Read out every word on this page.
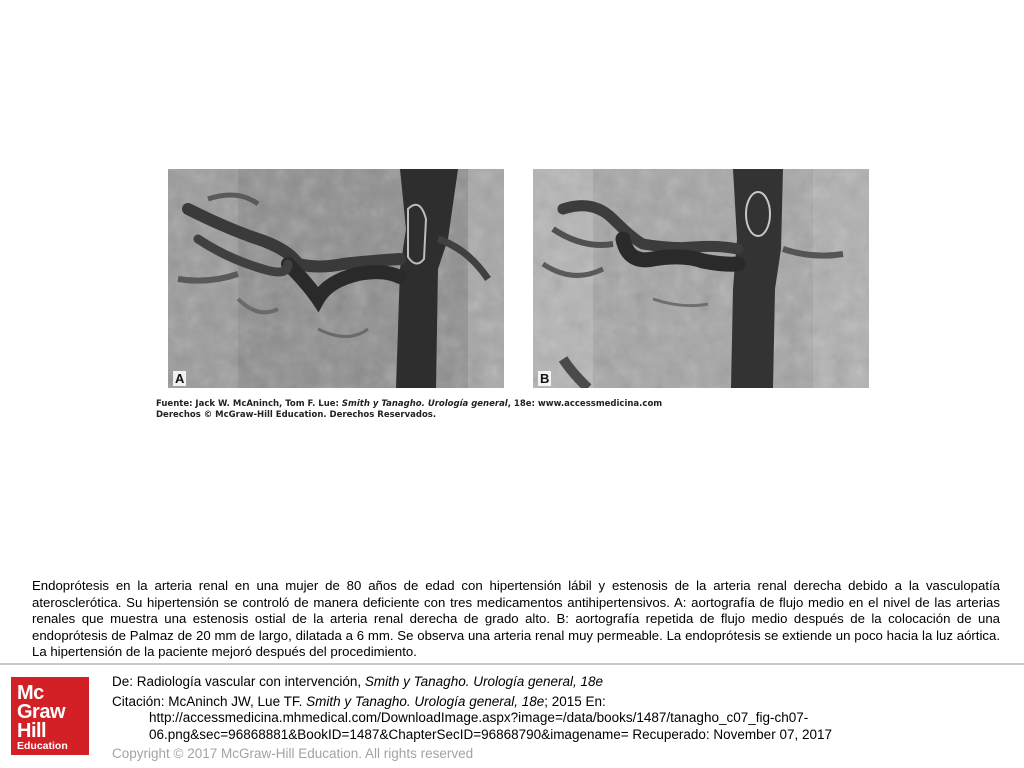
A	B
Fuente: Jack W. McAninch, Tom F. Lue: Smith y Tanagho. Urología general, 18e: www.accessmedicina.com
Derechos © McGraw-Hill Education. Derechos Reservados.
Endoprótesis en la arteria renal en una mujer de 80 años de edad con hipertensión lábil y estenosis de la arteria renal derecha debido a la vasculopatía aterosclerótica. Su hipertensión se controló de manera deficiente con tres medicamentos antihipertensivos. A: aortografía de flujo medio en el nivel de las arterias renales que muestra una estenosis ostial de la arteria renal derecha de grado alto. B: aortografía repetida de flujo medio después de la colocación de una endoprótesis de Palmaz de 20 mm de largo, dilatada a 6 mm. Se observa una arteria renal muy permeable. La endoprótesis se extiende un poco hacia la luz aórtica. La hipertensión de la paciente mejoró después del procedimiento.
Mc
Graw
Hill
Education
De: Radiología vascular con intervención, Smith y Tanagho. Urología general, 18e
Citación: McAninch JW, Lue TF. Smith y Tanagho. Urología general, 18e; 2015 En:
http://accessmedicina.mhmedical.com/DownloadImage.aspx?image=/data/books/1487/tanagho_c07_fig-ch07-
06.png&sec=96868881&BookID=1487&ChapterSecID=96868790&imagename= Recuperado: November 07, 2017
Copyright © 2017 McGraw-Hill Education. All rights reserved
